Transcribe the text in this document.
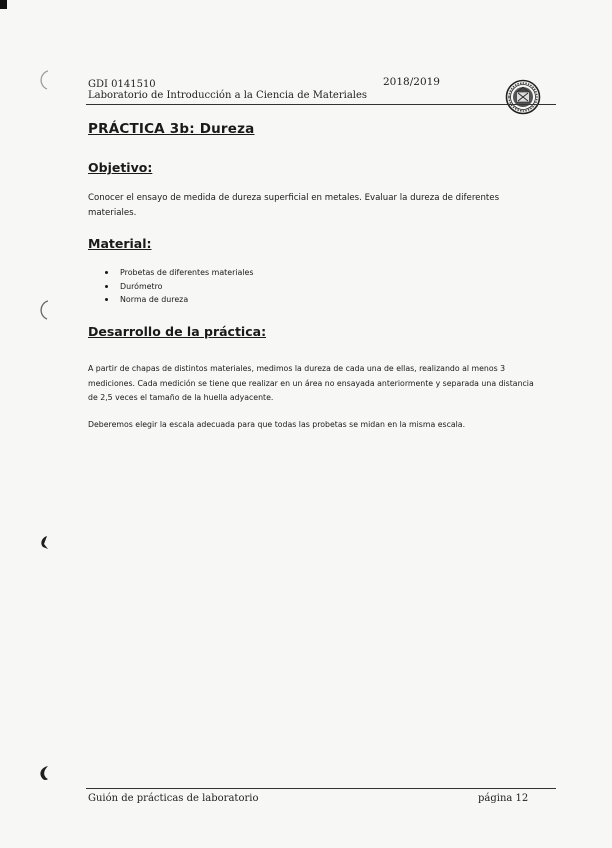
GDI 0141510
Laboratorio de Introducción a la Ciencia de Materiales
2018/2019
PRÁCTICA 3b: Dureza
Objetivo:

Conocer el ensayo de medida de dureza superficial en metales. Evaluar la dureza de diferentes materiales.

Material:
Probetas de diferentes materiales
Durómetro
Norma de dureza
Desarrollo de la práctica:

A partir de chapas de distintos materiales, medimos la dureza de cada una de ellas, realizando al menos 3 mediciones. Cada medición se tiene que realizar en un área no ensayada anteriormente y separada una distancia de 2,5 veces el tamaño de la huella adyacente.

Deberemos elegir la escala adecuada para que todas las probetas se midan en la misma escala.

Guión de prácticas de laboratorio	página 12
